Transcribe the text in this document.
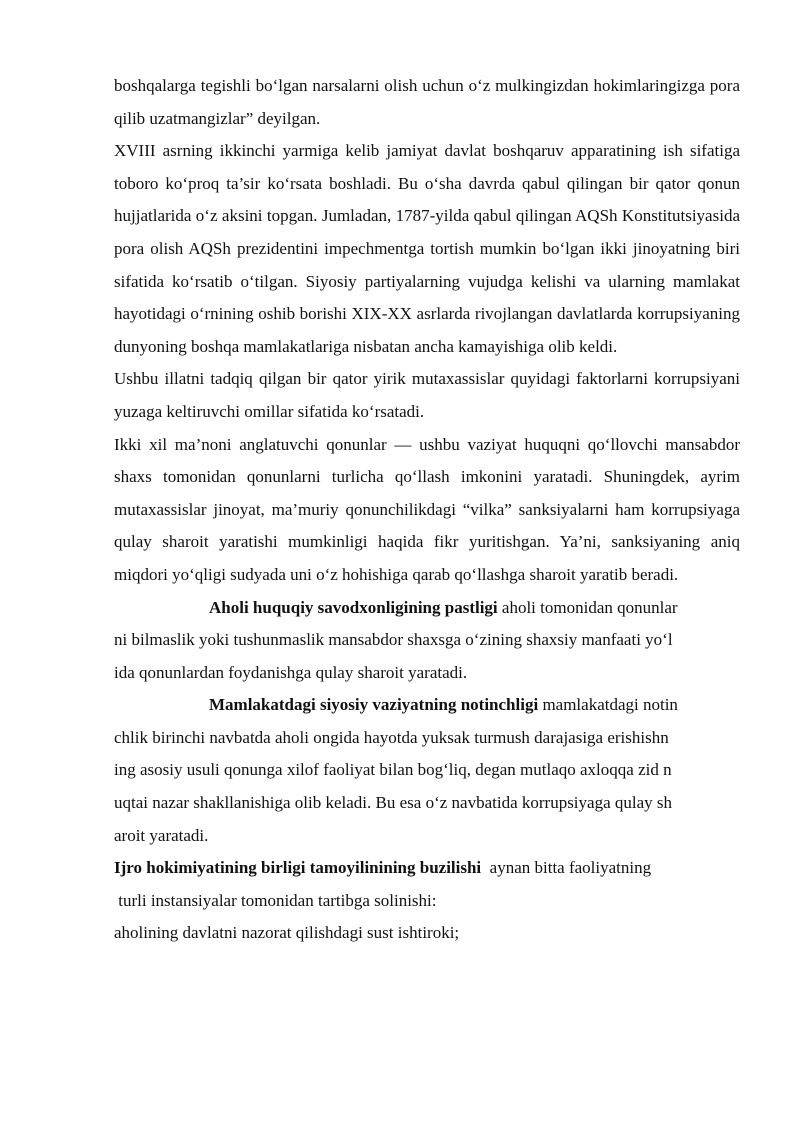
boshqalarga tegishli bo‘lgan narsalarni olish uchun o‘z mulkingizdan hokimlaringizga pora qilib uzatmangizlar” deyilgan.

XVIII asrning ikkinchi yarmiga kelib jamiyat davlat boshqaruv apparatining ish sifatiga toboro ko‘proq ta’sir ko‘rsata boshladi. Bu o‘sha davrda qabul qilingan bir qator qonun hujjatlarida o‘z aksini topgan. Jumladan, 1787-yilda qabul qilingan AQSh Konstitutsiyasida pora olish AQSh prezidentini impechmentga tortish mumkin bo‘lgan ikki jinoyatning biri sifatida ko‘rsatib o‘tilgan. Siyosiy partiyalarning vujudga kelishi va ularning mamlakat hayotidagi o‘rnining oshib borishi XIX-XX asrlarda rivojlangan davlatlarda korrupsiyaning dunyoning boshqa mamlakatlariga nisbatan ancha kamayishiga olib keldi.

Ushbu illatni tadqiq qilgan bir qator yirik mutaxassislar quyidagi faktorlarni korrupsiyani yuzaga keltiruvchi omillar sifatida ko‘rsatadi.

Ikki xil ma’noni anglatuvchi qonunlar — ushbu vaziyat huquqni qo‘llovchi mansabdor shaxs tomonidan qonunlarni turlicha qo‘llash imkonini yaratadi. Shuningdek, ayrim mutaxassislar jinoyat, ma’muriy qonunchilikdagi “vilka” sanksiyalarni ham korrupsiyaga qulay sharoit yaratishi mumkinligi haqida fikr yuritishgan. Ya’ni, sanksiyaning aniq miqdori yo‘qligi sudyada uni o‘z hohishiga qarab qo‘llashga sharoit yaratib beradi.

Aholi huquqiy savodxonligining pastligi aholi tomonidan qonunlar
ni bilmaslik yoki tushunmaslik mansabdor shaxsga o‘zining shaxsiy manfaati yo‘l
ida qonunlardan foydanishga qulay sharoit yaratadi.
Mamlakatdagi siyosiy vaziyatning notinchligi mamlakatdagi notin
chlik birinchi navbatda aholi ongida hayotda yuksak turmush darajasiga erishishn
ing asosiy usuli qonunga xilof faoliyat bilan bog‘liq, degan mutlaqo axloqqa zid n
uqtai nazar shakllanishiga olib keladi. Bu esa o‘z navbatida korrupsiyaga qulay sh
aroit yaratadi.
Ijro hokimiyatining birligi tamoyilinining buzilishi  aynan bitta faoliyatning
turli instansiyalar tomonidan tartibga solinishi:

aholining davlatni nazorat qilishdagi sust ishtiroki;
